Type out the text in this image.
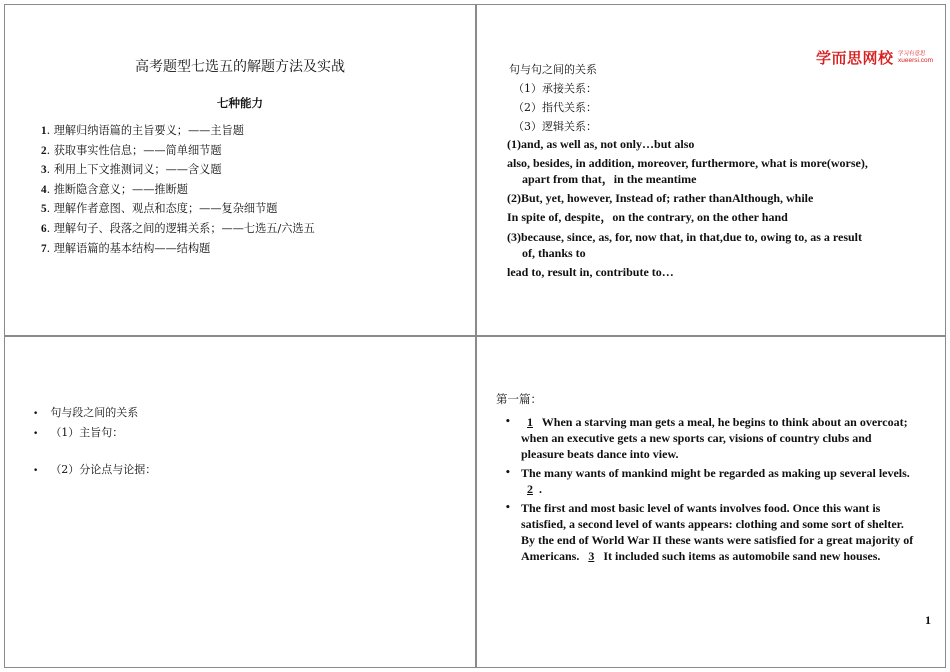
高考题型七选五的解题方法及实战
七种能力
1. 理解归纳语篇的主旨要义；——主旨题
2. 获取事实性信息；——简单细节题
3. 利用上下文推测词义；——含义题
4. 推断隐含意义；——推断题
5. 理解作者意图、观点和态度；——复杂细节题
6. 理解句子、段落之间的逻辑关系；——七选五/六选五
7. 理解语篇的基本结构——结构题
学而思网校 学习有意思
xueersi.com
句与句之间的关系
（1）承接关系：
（2）指代关系：
（3）逻辑关系：
(1)and, as well as, not only…but also
also, besides, in addition, moreover, furthermore, what is more(worse),
apart from that，in the meantime
(2)But, yet, however, Instead of; rather thanAlthough, while
In spite of, despite，on the contrary, on the other hand
(3)because, since, as, for, now that, in that,due to, owing to, as a result
of, thanks to
lead to, result in, contribute to…
• 句与段之间的关系
• （1）主旨句：
• （2）分论点与论据：
第一篇：
• 1 When a starving man gets a meal, he begins to think about an overcoat; when an executive gets a new sports car, visions of country clubs and pleasure beats dance into view.
• The many wants of mankind might be regarded as making up several levels. 2 .
• The first and most basic level of wants involves food. Once this want is satisfied, a second level of wants appears: clothing and some sort of shelter. By the end of World War II these wants were satisfied for a great majority of Americans. 3 It included such items as automobile sand new houses.
1
